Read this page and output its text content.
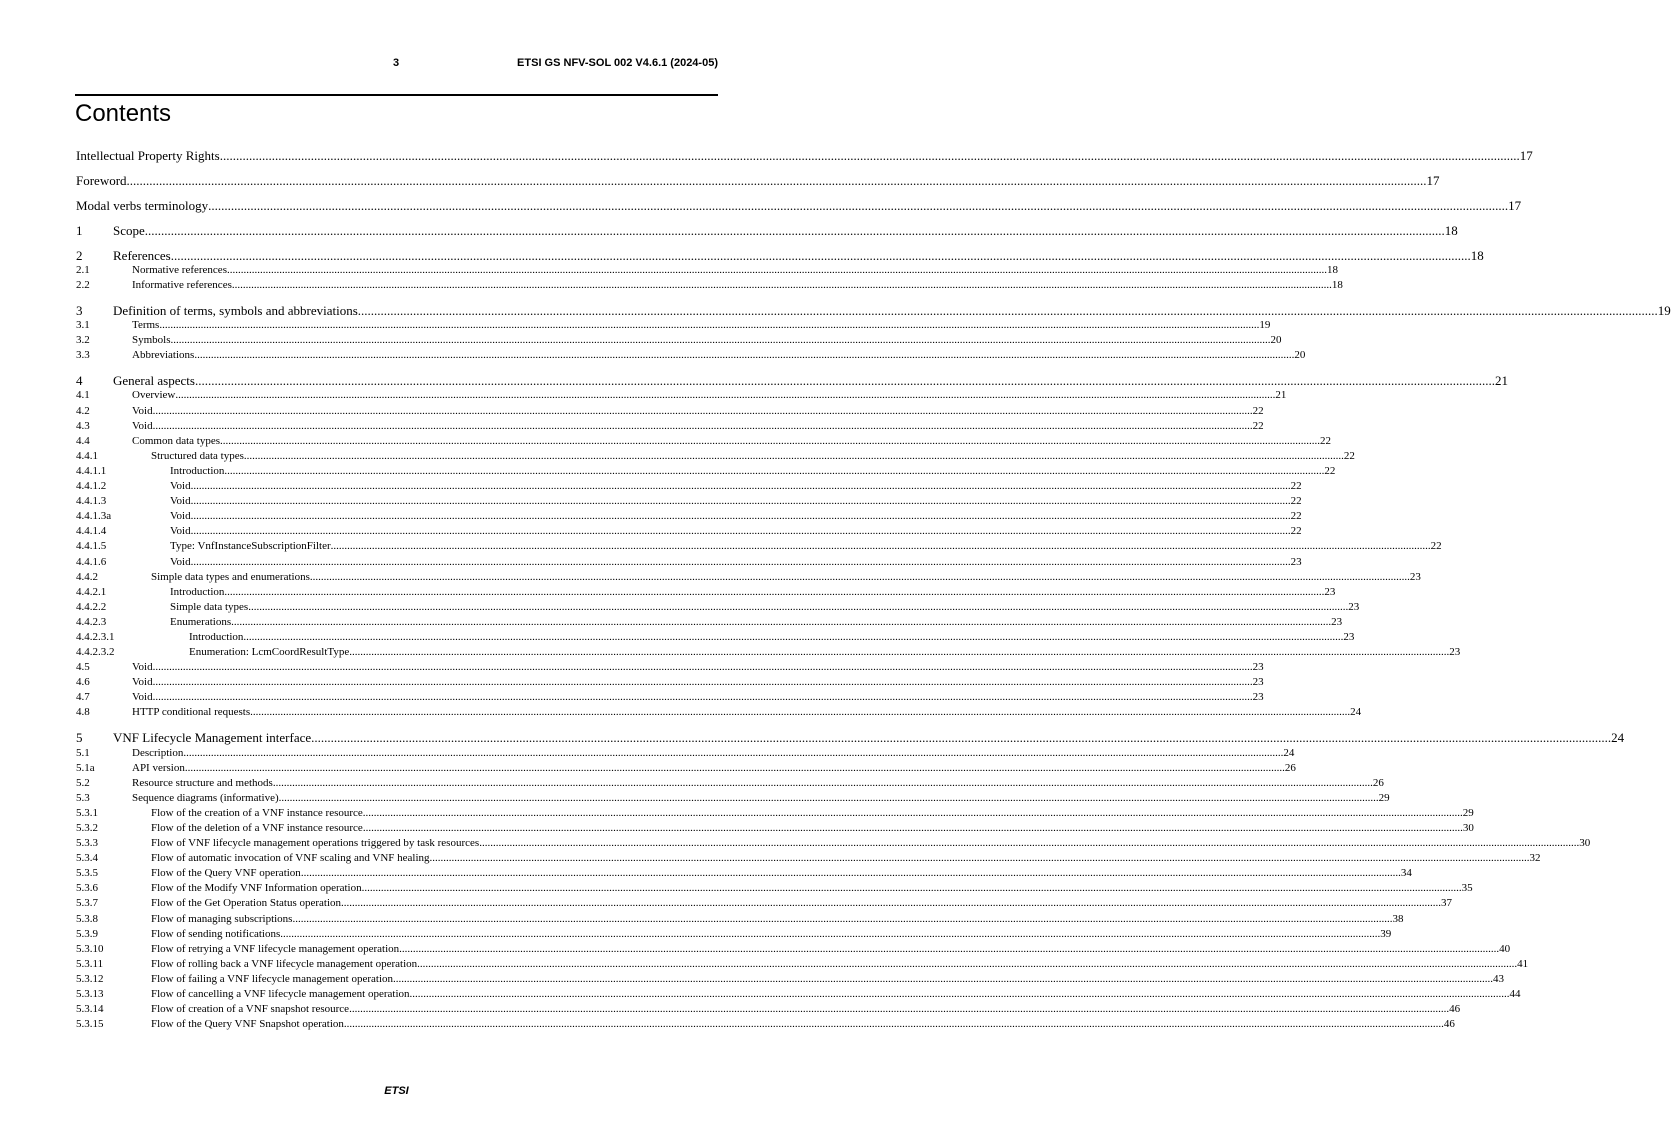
3	ETSI GS NFV-SOL 002 V4.6.1 (2024-05)
Contents
Intellectual Property Rights ................................................................................................................................................................................................................................................................................................................................................................................................................ 17
Foreword ................................................................................................................................................................................................................................................................................................................................................................................................................ 17
Modal verbs terminology ................................................................................................................................................................................................................................................................................................................................................................................................................ 17
1	Scope ................................................................................................................................................................................................................................................................................................................................................................................................................ 18
2	References ................................................................................................................................................................................................................................................................................................................................................................................................................ 18
2.1	Normative references ................................................................................................................................................................................................................................................................................................................................................................................................................ 18
2.2	Informative references ................................................................................................................................................................................................................................................................................................................................................................................................................ 18
3	Definition of terms, symbols and abbreviations ................................................................................................................................................................................................................................................................................................................................................................................................................ 19
3.1	Terms ................................................................................................................................................................................................................................................................................................................................................................................................................ 19
3.2	Symbols ................................................................................................................................................................................................................................................................................................................................................................................................................ 20
3.3	Abbreviations ................................................................................................................................................................................................................................................................................................................................................................................................................ 20
4	General aspects ................................................................................................................................................................................................................................................................................................................................................................................................................ 21
4.1	Overview ................................................................................................................................................................................................................................................................................................................................................................................................................ 21
4.2	Void ................................................................................................................................................................................................................................................................................................................................................................................................................ 22
4.3	Void ................................................................................................................................................................................................................................................................................................................................................................................................................ 22
4.4	Common data types ................................................................................................................................................................................................................................................................................................................................................................................................................ 22
4.4.1	Structured data types ................................................................................................................................................................................................................................................................................................................................................................................................................ 22
4.4.1.1	Introduction ................................................................................................................................................................................................................................................................................................................................................................................................................ 22
4.4.1.2	Void ................................................................................................................................................................................................................................................................................................................................................................................................................ 22
4.4.1.3	Void ................................................................................................................................................................................................................................................................................................................................................................................................................ 22
4.4.1.3a	Void ................................................................................................................................................................................................................................................................................................................................................................................................................ 22
4.4.1.4	Void ................................................................................................................................................................................................................................................................................................................................................................................................................ 22
4.4.1.5	Type: VnfInstanceSubscriptionFilter ................................................................................................................................................................................................................................................................................................................................................................................................................ 22
4.4.1.6	Void ................................................................................................................................................................................................................................................................................................................................................................................................................ 23
4.4.2	Simple data types and enumerations ................................................................................................................................................................................................................................................................................................................................................................................................................ 23
4.4.2.1	Introduction ................................................................................................................................................................................................................................................................................................................................................................................................................ 23
4.4.2.2	Simple data types ................................................................................................................................................................................................................................................................................................................................................................................................................ 23
4.4.2.3	Enumerations ................................................................................................................................................................................................................................................................................................................................................................................................................ 23
4.4.2.3.1	Introduction ................................................................................................................................................................................................................................................................................................................................................................................................................ 23
4.4.2.3.2	Enumeration: LcmCoordResultType ................................................................................................................................................................................................................................................................................................................................................................................................................ 23
4.5	Void ................................................................................................................................................................................................................................................................................................................................................................................................................ 23
4.6	Void ................................................................................................................................................................................................................................................................................................................................................................................................................ 23
4.7	Void ................................................................................................................................................................................................................................................................................................................................................................................................................ 23
4.8	HTTP conditional requests ................................................................................................................................................................................................................................................................................................................................................................................................................ 24
5	VNF Lifecycle Management interface ................................................................................................................................................................................................................................................................................................................................................................................................................ 24
5.1	Description ................................................................................................................................................................................................................................................................................................................................................................................................................ 24
5.1a	API version ................................................................................................................................................................................................................................................................................................................................................................................................................ 26
5.2	Resource structure and methods ................................................................................................................................................................................................................................................................................................................................................................................................................ 26
5.3	Sequence diagrams (informative) ................................................................................................................................................................................................................................................................................................................................................................................................................ 29
5.3.1	Flow of the creation of a VNF instance resource ................................................................................................................................................................................................................................................................................................................................................................................................................ 29
5.3.2	Flow of the deletion of a VNF instance resource ................................................................................................................................................................................................................................................................................................................................................................................................................ 30
5.3.3	Flow of VNF lifecycle management operations triggered by task resources ................................................................................................................................................................................................................................................................................................................................................................................................................ 30
5.3.4	Flow of automatic invocation of VNF scaling and VNF healing ................................................................................................................................................................................................................................................................................................................................................................................................................ 32
5.3.5	Flow of the Query VNF operation ................................................................................................................................................................................................................................................................................................................................................................................................................ 34
5.3.6	Flow of the Modify VNF Information operation ................................................................................................................................................................................................................................................................................................................................................................................................................ 35
5.3.7	Flow of the Get Operation Status operation ................................................................................................................................................................................................................................................................................................................................................................................................................ 37
5.3.8	Flow of managing subscriptions ................................................................................................................................................................................................................................................................................................................................................................................................................ 38
5.3.9	Flow of sending notifications ................................................................................................................................................................................................................................................................................................................................................................................................................ 39
5.3.10	Flow of retrying a VNF lifecycle management operation ................................................................................................................................................................................................................................................................................................................................................................................................................ 40
5.3.11	Flow of rolling back a VNF lifecycle management operation ................................................................................................................................................................................................................................................................................................................................................................................................................ 41
5.3.12	Flow of failing a VNF lifecycle management operation ................................................................................................................................................................................................................................................................................................................................................................................................................ 43
5.3.13	Flow of cancelling a VNF lifecycle management operation ................................................................................................................................................................................................................................................................................................................................................................................................................ 44
5.3.14	Flow of creation of a VNF snapshot resource ................................................................................................................................................................................................................................................................................................................................................................................................................ 46
5.3.15	Flow of the Query VNF Snapshot operation ................................................................................................................................................................................................................................................................................................................................................................................................................ 46
ETSI
